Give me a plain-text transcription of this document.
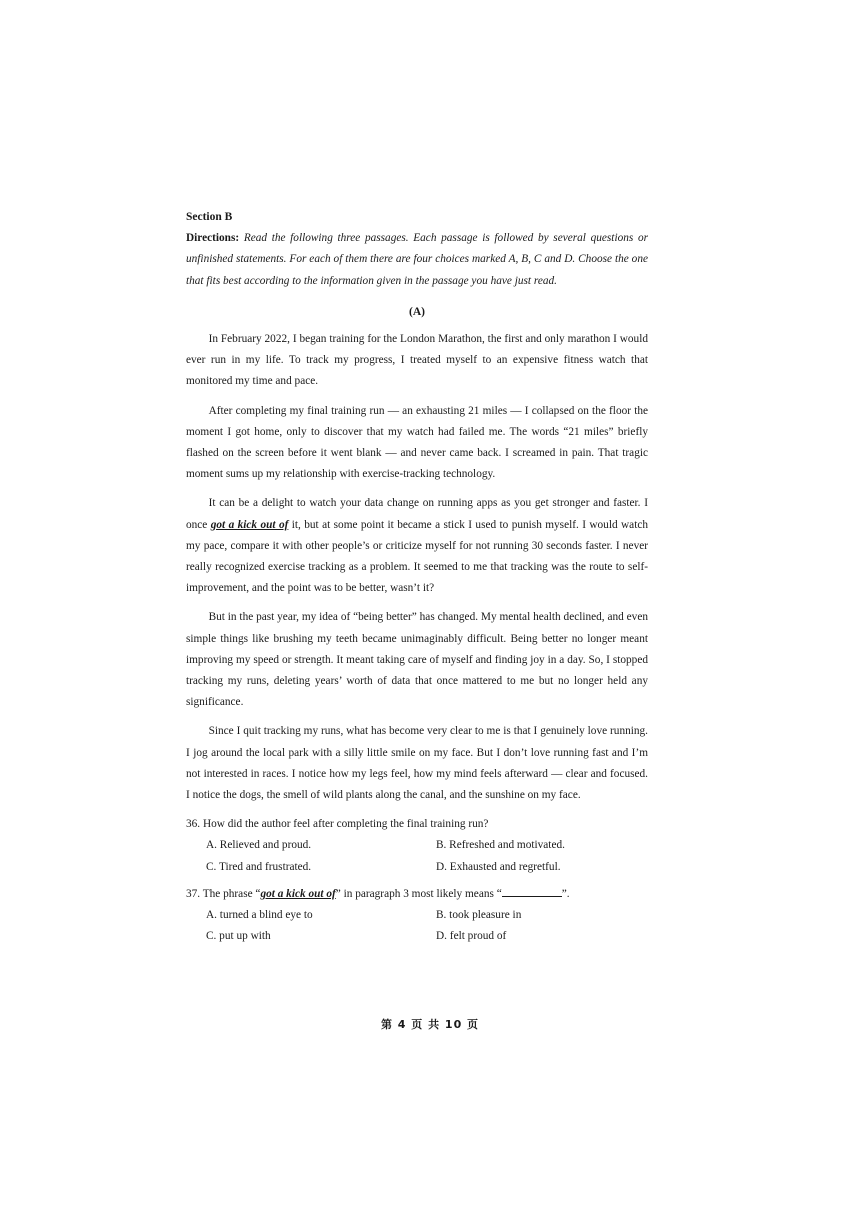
Section B

Directions: Read the following three passages. Each passage is followed by several questions or unfinished statements. For each of them there are four choices marked A, B, C and D. Choose the one that fits best according to the information given in the passage you have just read.

(A)

In February 2022, I began training for the London Marathon, the first and only marathon I would ever run in my life. To track my progress, I treated myself to an expensive fitness watch that monitored my time and pace.

After completing my final training run — an exhausting 21 miles — I collapsed on the floor the moment I got home, only to discover that my watch had failed me. The words “21 miles” briefly flashed on the screen before it went blank — and never came back. I screamed in pain. That tragic moment sums up my relationship with exercise-tracking technology.

It can be a delight to watch your data change on running apps as you get stronger and faster. I once got a kick out of it, but at some point it became a stick I used to punish myself. I would watch my pace, compare it with other people’s or criticize myself for not running 30 seconds faster. I never really recognized exercise tracking as a problem. It seemed to me that tracking was the route to self-improvement, and the point was to be better, wasn’t it?

But in the past year, my idea of “being better” has changed. My mental health declined, and even simple things like brushing my teeth became unimaginably difficult. Being better no longer meant improving my speed or strength. It meant taking care of myself and finding joy in a day. So, I stopped tracking my runs, deleting years’ worth of data that once mattered to me but no longer held any significance.

Since I quit tracking my runs, what has become very clear to me is that I genuinely love running. I jog around the local park with a silly little smile on my face. But I don’t love running fast and I’m not interested in races. I notice how my legs feel, how my mind feels afterward — clear and focused. I notice the dogs, the smell of wild plants along the canal, and the sunshine on my face.

36. How did the author feel after completing the final training run?

A. Relieved and proud.	B. Refreshed and motivated.

C. Tired and frustrated.	D. Exhausted and regretful.

37. The phrase “got a kick out of” in paragraph 3 most likely means “	”.

A. turned a blind eye to	B. took pleasure in

C. put up with	D. felt proud of

第 4 页 共 10 页
